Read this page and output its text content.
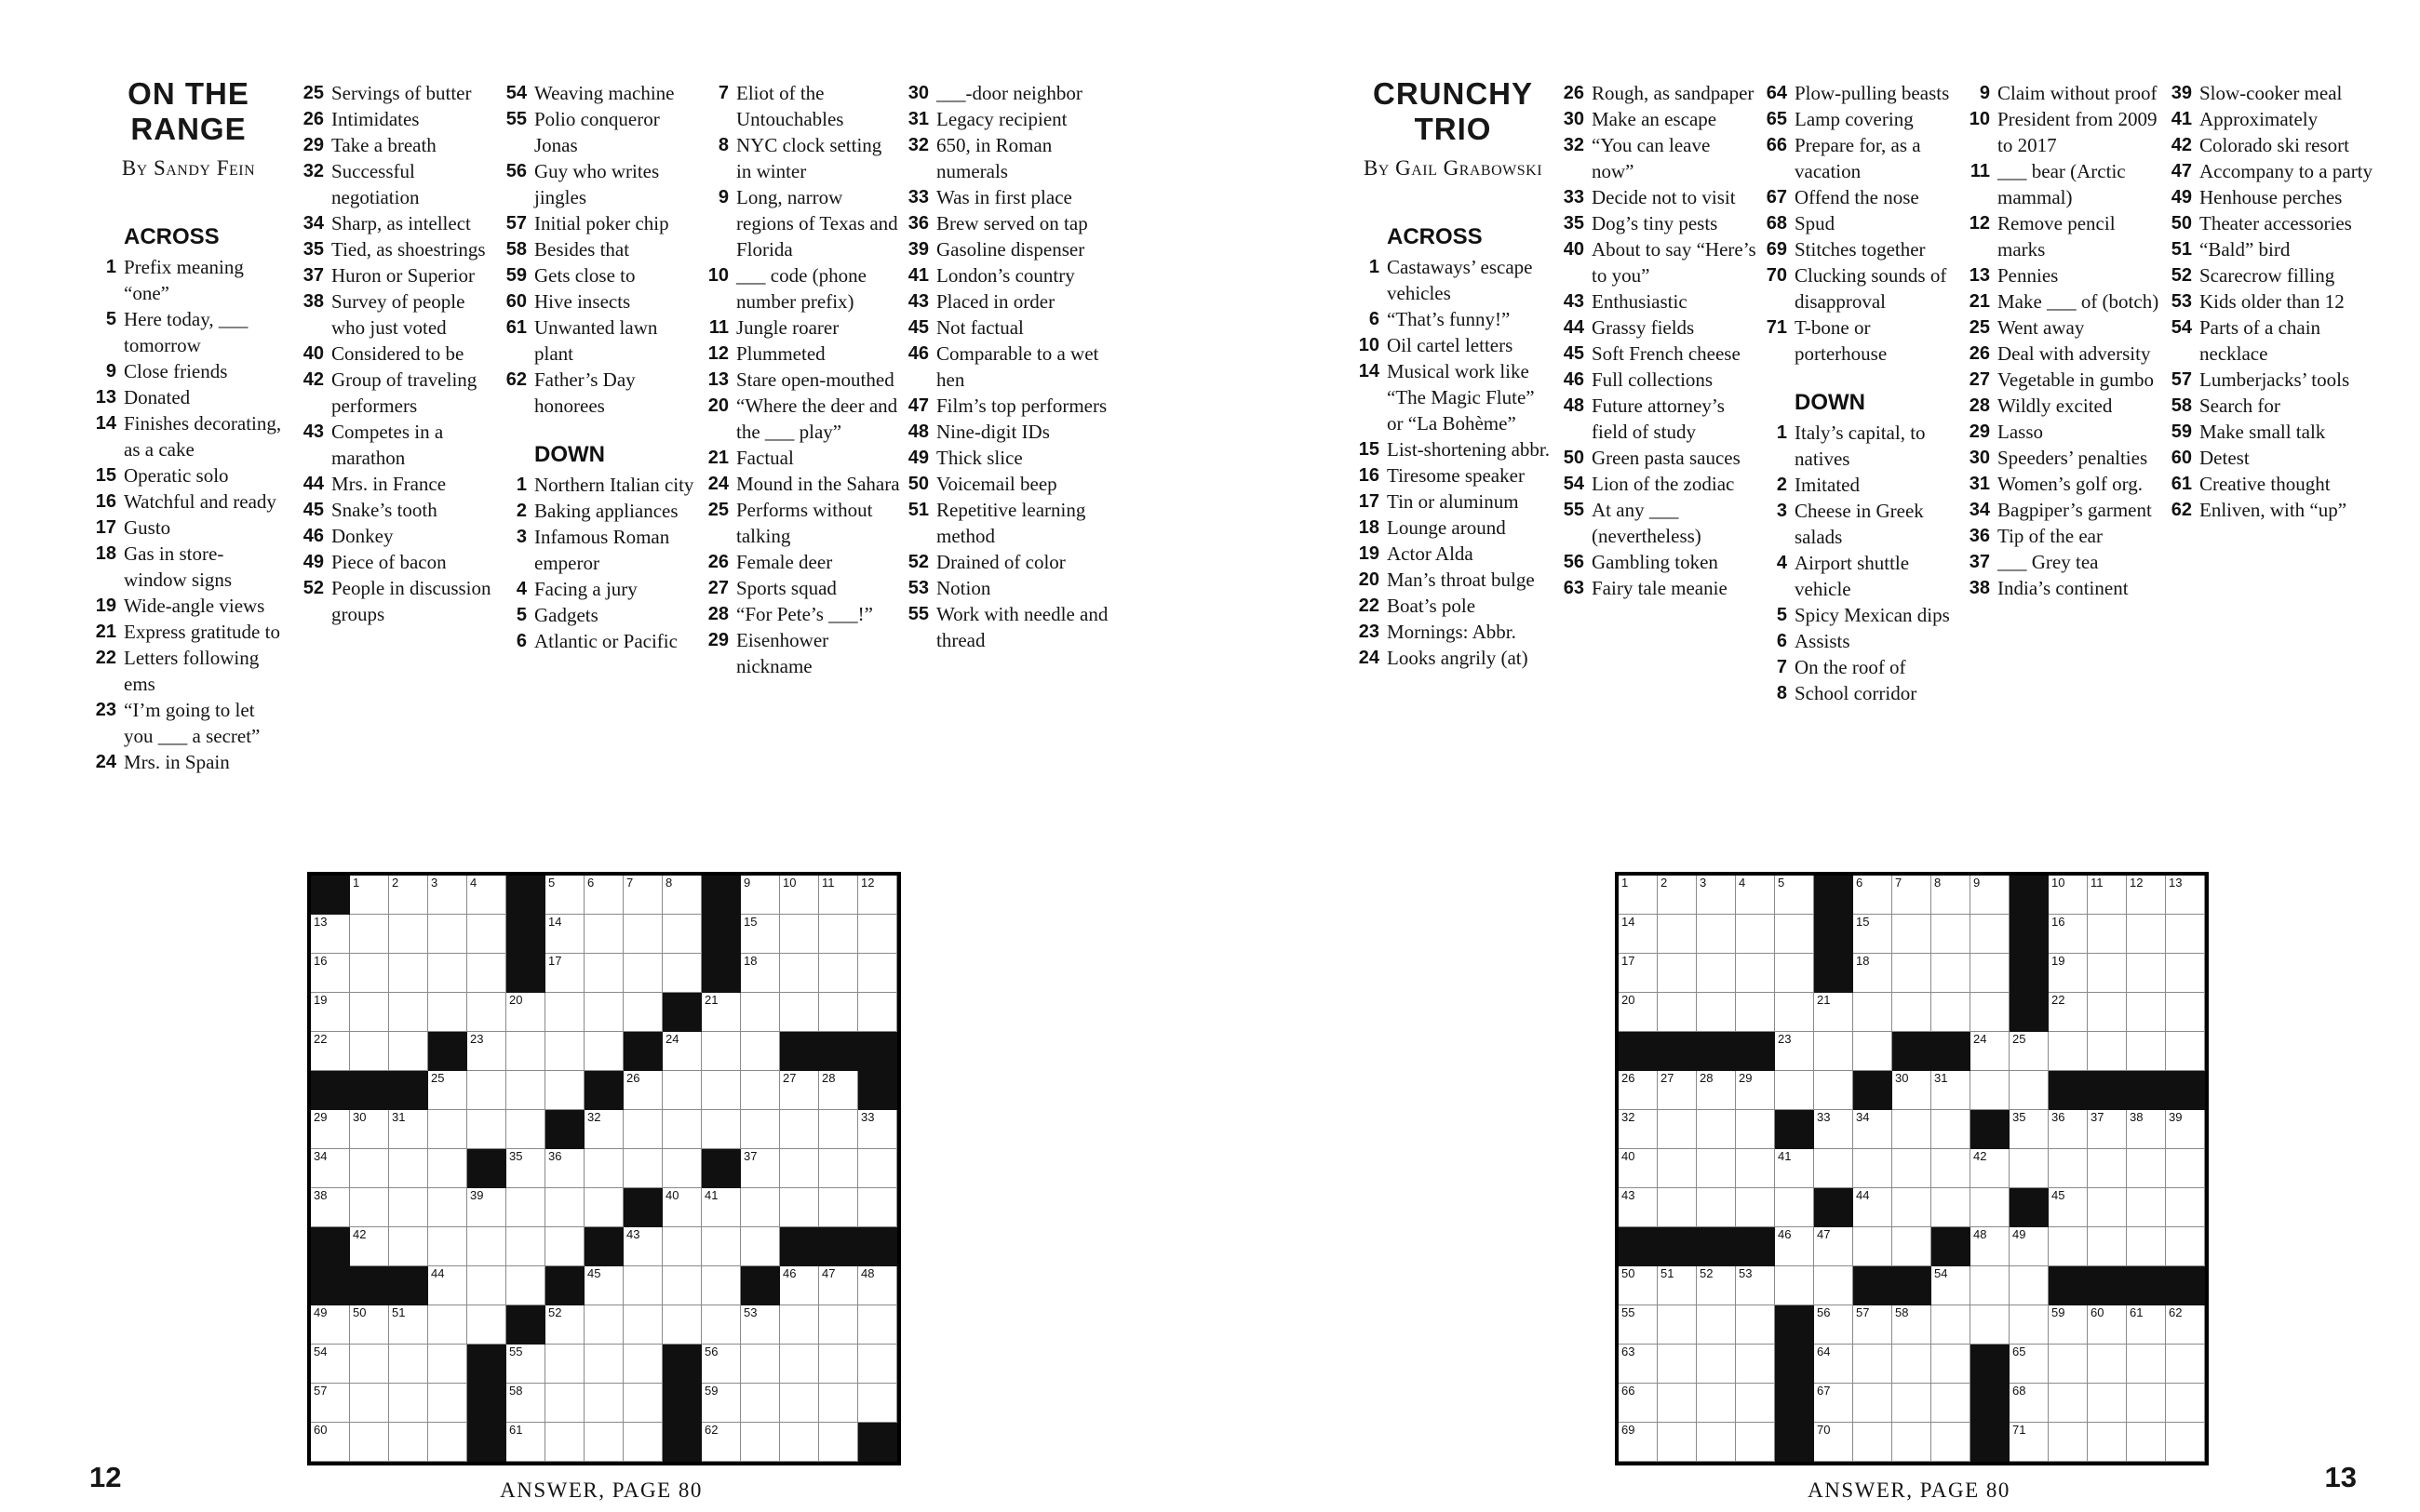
ON THE
RANGE
By Sandy Fein
ACROSS
1 Prefix meaning “one”
5 Here today, ___ tomorrow
9 Close friends
13 Donated
14 Finishes decorating, as a cake
15 Operatic solo
16 Watchful and ready
17 Gusto
18 Gas in store-window signs
19 Wide-angle views
21 Express gratitude to
22 Letters following ems
23 “I’m going to let you ___ a secret”
24 Mrs. in Spain
25 Servings of butter
26 Intimidates
29 Take a breath
32 Successful negotiation
34 Sharp, as intellect
35 Tied, as shoestrings
37 Huron or Superior
38 Survey of people who just voted
40 Considered to be
42 Group of traveling performers
43 Competes in a marathon
44 Mrs. in France
45 Snake’s tooth
46 Donkey
49 Piece of bacon
52 People in discussion groups
54 Weaving machine
55 Polio conqueror Jonas
56 Guy who writes jingles
57 Initial poker chip
58 Besides that
59 Gets close to
60 Hive insects
61 Unwanted lawn plant
62 Father’s Day honorees
DOWN
1 Northern Italian city
2 Baking appliances
3 Infamous Roman emperor
4 Facing a jury
5 Gadgets
6 Atlantic or Pacific
7 Eliot of the Untouchables
8 NYC clock setting in winter
9 Long, narrow regions of Texas and Florida
10 ___ code (phone number prefix)
11 Jungle roarer
12 Plummeted
13 Stare open-mouthed
20 “Where the deer and the ___ play”
21 Factual
24 Mound in the Sahara
25 Performs without talking
26 Female deer
27 Sports squad
28 “For Pete’s ___!”
29 Eisenhower nickname
30 ___-door neighbor
31 Legacy recipient
32 650, in Roman numerals
33 Was in first place
36 Brew served on tap
39 Gasoline dispenser
41 London’s country
43 Placed in order
45 Not factual
46 Comparable to a wet hen
47 Film’s top performers
48 Nine-digit IDs
49 Thick slice
50 Voicemail beep
51 Repetitive learning method
52 Drained of color
53 Notion
55 Work with needle and thread
1	2	3	4	5	6	7	8	9	10 11 12
13	14	15
16	17	18
19	20	21
22	23	24
25	26	27 28
29 30 31	32	33
34	35 36	37
38	39	40 41
42	43
44	45	46 47 48
49 50 51	52	53
54	55	56
57	58	59
60	61	62
ANSWER, PAGE 80
12
CRUNCHY
TRIO
By Gail Grabowski
ACROSS
1 Castaways’ escape vehicles
6 “That’s funny!”
10 Oil cartel letters
14 Musical work like “The Magic Flute” or “La Bohème”
15 List-shortening abbr.
16 Tiresome speaker
17 Tin or aluminum
18 Lounge around
19 Actor Alda
20 Man’s throat bulge
22 Boat’s pole
23 Mornings: Abbr.
24 Looks angrily (at)
26 Rough, as sandpaper
30 Make an escape
32 “You can leave now”
33 Decide not to visit
35 Dog’s tiny pests
40 About to say “Here’s to you”
43 Enthusiastic
44 Grassy fields
45 Soft French cheese
46 Full collections
48 Future attorney’s field of study
50 Green pasta sauces
54 Lion of the zodiac
55 At any ___ (nevertheless)
56 Gambling token
63 Fairy tale meanie
64 Plow-pulling beasts
65 Lamp covering
66 Prepare for, as a vacation
67 Offend the nose
68 Spud
69 Stitches together
70 Clucking sounds of disapproval
71 T-bone or porterhouse
DOWN
1 Italy’s capital, to natives
2 Imitated
3 Cheese in Greek salads
4 Airport shuttle vehicle
5 Spicy Mexican dips
6 Assists
7 On the roof of
8 School corridor
9 Claim without proof
10 President from 2009 to 2017
11 ___ bear (Arctic mammal)
12 Remove pencil marks
13 Pennies
21 Make ___ of (botch)
25 Went away
26 Deal with adversity
27 Vegetable in gumbo
28 Wildly excited
29 Lasso
30 Speeders’ penalties
31 Women’s golf org.
34 Bagpiper’s garment
36 Tip of the ear
37 ___ Grey tea
38 India’s continent
39 Slow-cooker meal
41 Approximately
42 Colorado ski resort
47 Accompany to a party
49 Henhouse perches
50 Theater accessories
51 “Bald” bird
52 Scarecrow filling
53 Kids older than 12
54 Parts of a chain necklace
57 Lumberjacks’ tools
58 Search for
59 Make small talk
60 Detest
61 Creative thought
62 Enliven, with “up”
1	2	3	4	5	6	7	8	9	10 11 12 13
14	15	16
17	18	19
20	21	22
23	24 25
26 27 28 29	30 31
32	33 34	35 36 37 38 39
40	41	42
43	44	45
46 47	48 49
50 51 52 53	54
55	56 57 58	59 60 61 62
63	64	65
66	67	68
69	70	71
ANSWER, PAGE 80	13
